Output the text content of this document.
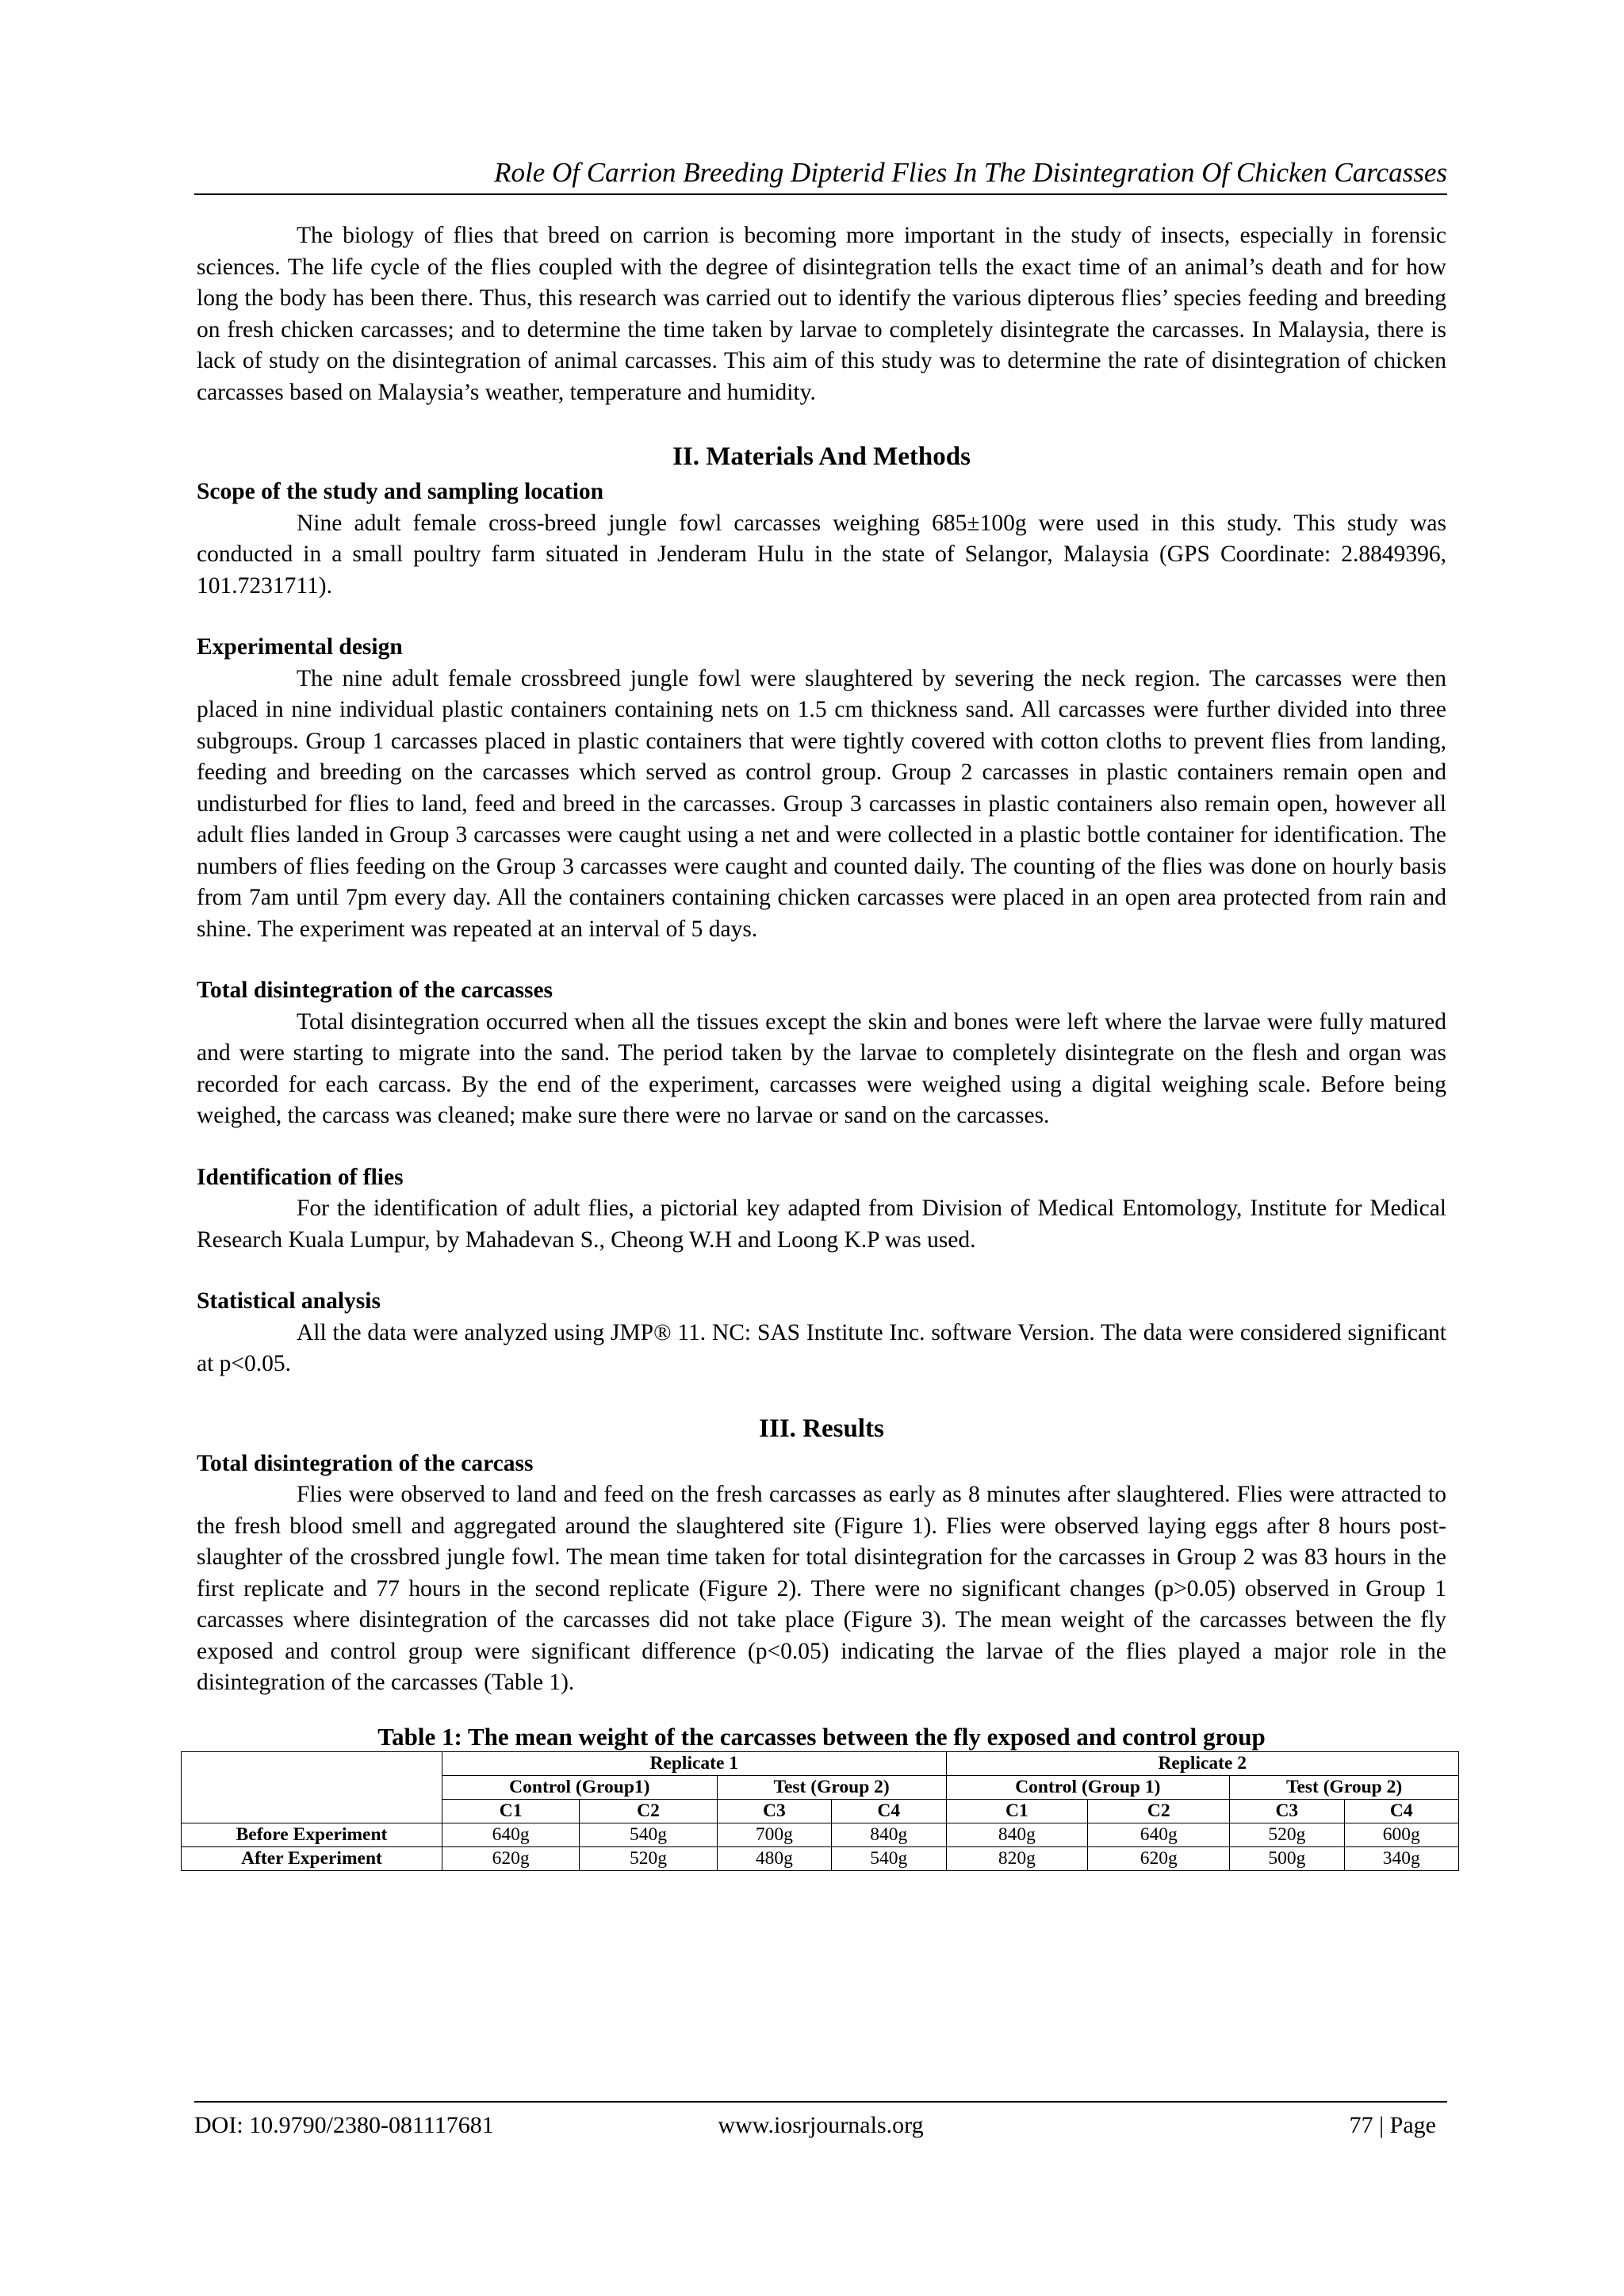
Role Of Carrion Breeding Dipterid Flies In The Disintegration Of Chicken Carcasses

The biology of flies that breed on carrion is becoming more important in the study of insects, especially in forensic sciences. The life cycle of the flies coupled with the degree of disintegration tells the exact time of an animal’s death and for how long the body has been there. Thus, this research was carried out to identify the various dipterous flies’ species feeding and breeding on fresh chicken carcasses; and to determine the time taken by larvae to completely disintegrate the carcasses. In Malaysia, there is lack of study on the disintegration of animal carcasses. This aim of this study was to determine the rate of disintegration of chicken carcasses based on Malaysia’s weather, temperature and humidity.

II. Materials And Methods
Scope of the study and sampling location

Nine adult female cross-breed jungle fowl carcasses weighing 685±100g were used in this study. This study was conducted in a small poultry farm situated in Jenderam Hulu in the state of Selangor, Malaysia (GPS Coordinate: 2.8849396, 101.7231711).

Experimental design

The nine adult female crossbreed jungle fowl were slaughtered by severing the neck region. The carcasses were then placed in nine individual plastic containers containing nets on 1.5 cm thickness sand. All carcasses were further divided into three subgroups. Group 1 carcasses placed in plastic containers that were tightly covered with cotton cloths to prevent flies from landing, feeding and breeding on the carcasses which served as control group. Group 2 carcasses in plastic containers remain open and undisturbed for flies to land, feed and breed in the carcasses. Group 3 carcasses in plastic containers also remain open, however all adult flies landed in Group 3 carcasses were caught using a net and were collected in a plastic bottle container for identification. The numbers of flies feeding on the Group 3 carcasses were caught and counted daily. The counting of the flies was done on hourly basis from 7am until 7pm every day. All the containers containing chicken carcasses were placed in an open area protected from rain and shine. The experiment was repeated at an interval of 5 days.

Total disintegration of the carcasses

Total disintegration occurred when all the tissues except the skin and bones were left where the larvae were fully matured and were starting to migrate into the sand. The period taken by the larvae to completely disintegrate on the flesh and organ was recorded for each carcass. By the end of the experiment, carcasses were weighed using a digital weighing scale. Before being weighed, the carcass was cleaned; make sure there were no larvae or sand on the carcasses.

Identification of flies

For the identification of adult flies, a pictorial key adapted from Division of Medical Entomology, Institute for Medical Research Kuala Lumpur, by Mahadevan S., Cheong W.H and Loong K.P was used.

Statistical analysis

All the data were analyzed using JMP® 11. NC: SAS Institute Inc. software Version. The data were considered significant at p<0.05.

III. Results
Total disintegration of the carcass

Flies were observed to land and feed on the fresh carcasses as early as 8 minutes after slaughtered. Flies were attracted to the fresh blood smell and aggregated around the slaughtered site (Figure 1). Flies were observed laying eggs after 8 hours post-slaughter of the crossbred jungle fowl. The mean time taken for total disintegration for the carcasses in Group 2 was 83 hours in the first replicate and 77 hours in the second replicate (Figure 2). There were no significant changes (p>0.05) observed in Group 1 carcasses where disintegration of the carcasses did not take place (Figure 3). The mean weight of the carcasses between the fly exposed and control group were significant difference (p<0.05) indicating the larvae of the flies played a major role in the disintegration of the carcasses (Table 1).

Table 1: The mean weight of the carcasses between the fly exposed and control group
	Replicate 1				Replicate 2			
	Control (Group1)		Test (Group 2)		Control (Group 1)		Test (Group 2)	
	C1	C2	C3	C4	C1	C2	C3	C4
Before Experiment	640g	540g	700g	840g	840g	640g	520g	600g
After Experiment	620g	520g	480g	540g	820g	620g	500g	340g
DOI: 10.9790/2380-081117681	www.iosrjournals.org	77 | Page
